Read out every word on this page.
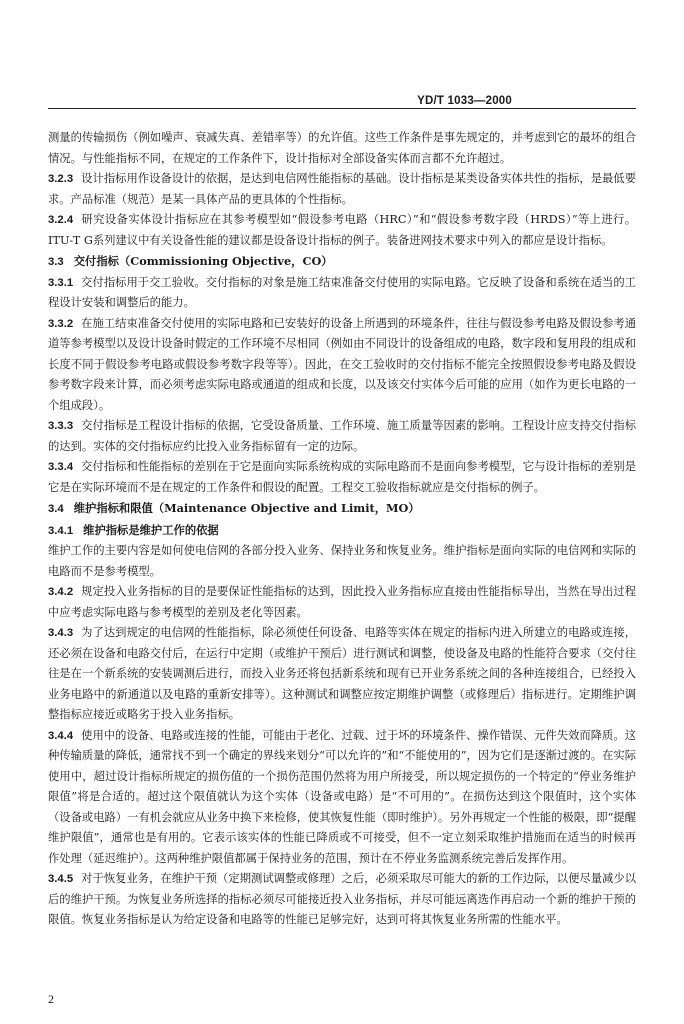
YD/T 1033—2000

测量的传输损伤（例如噪声、衰减失真、差错率等）的允许值。这些工作条件是事先规定的，并考虑到它的最坏的组合情况。与性能指标不同，在规定的工作条件下，设计指标对全部设备实体而言都不允许超过。

3.2.3 设计指标用作设备设计的依据，是达到电信网性能指标的基础。设计指标是某类设备实体共性的指标，是最低要求。产品标准（规范）是某一具体产品的更具体的个性指标。

3.2.4 研究设备实体设计指标应在其参考模型如“假设参考电路（HRC）”和“假设参考数字段（HRDS）”等上进行。ITU-T G系列建议中有关设备性能的建议都是设备设计指标的例子。装备进网技术要求中列入的都应是设计指标。

3.3 交付指标（Commissioning Objective，CO）

3.3.1 交付指标用于交工验收。交付指标的对象是施工结束准备交付使用的实际电路。它反映了设备和系统在适当的工程设计安装和调整后的能力。

3.3.2 在施工结束准备交付使用的实际电路和已安装好的设备上所遇到的环境条件，往往与假设参考电路及假设参考通道等参考模型以及设计设备时假定的工作环境不尽相同（例如由不同设计的设备组成的电路，数字段和复用段的组成和长度不同于假设参考电路或假设参考数字段等等）。因此，在交工验收时的交付指标不能完全按照假设参考电路及假设参考数字段来计算，而必须考虑实际电路或通道的组成和长度，以及该交付实体今后可能的应用（如作为更长电路的一个组成段）。

3.3.3 交付指标是工程设计指标的依据，它受设备质量、工作环境、施工质量等因素的影响。工程设计应支持交付指标的达到。实体的交付指标应约比投入业务指标留有一定的边际。

3.3.4 交付指标和性能指标的差别在于它是面向实际系统构成的实际电路而不是面向参考模型，它与设计指标的差别是它是在实际环境而不是在规定的工作条件和假设的配置。工程交工验收指标就应是交付指标的例子。

3.4 维护指标和限值（Maintenance Objective and Limit，MO）

3.4.1 维护指标是维护工作的依据

维护工作的主要内容是如何使电信网的各部分投入业务、保持业务和恢复业务。维护指标是面向实际的电信网和实际的电路而不是参考模型。

3.4.2 规定投入业务指标的目的是要保证性能指标的达到，因此投入业务指标应直接由性能指标导出，当然在导出过程中应考虑实际电路与参考模型的差别及老化等因素。

3.4.3 为了达到规定的电信网的性能指标，除必须使任何设备、电路等实体在规定的指标内进入所建立的电路或连接，还必须在设备和电路交付后，在运行中定期（或维护干预后）进行测试和调整，使设备及电路的性能符合要求（交付往往是在一个新系统的安装调测后进行，而投入业务还将包括新系统和现有已开业务系统之间的各种连接组合，已经投入业务电路中的新通道以及电路的重新安排等）。这种测试和调整应按定期维护调整（或修理后）指标进行。定期维护调整指标应接近或略劣于投入业务指标。

3.4.4 使用中的设备、电路或连接的性能，可能由于老化、过载、过于坏的环境条件、操作错误、元件失效而降质。这种传输质量的降低，通常找不到一个确定的界线来划分“可以允许的”和“不能使用的”，因为它们是逐渐过渡的。在实际使用中，超过设计指标所规定的损伤值的一个损伤范围仍然将为用户所接受，所以规定损伤的一个特定的“停业务维护限值”将是合适的。超过这个限值就认为这个实体（设备或电路）是“不可用的”。在损伤达到这个限值时，这个实体（设备或电路）一有机会就应从业务中换下来检修，使其恢复性能（即时维护）。另外再规定一个性能的极限，即“提醒维护限值”，通常也是有用的。它表示该实体的性能已降质或不可接受，但不一定立刻采取维护措施而在适当的时候再作处理（延迟维护）。这两种维护限值都属于保持业务的范围，预计在不停业务监测系统完善后发挥作用。

3.4.5 对于恢复业务，在维护干预（定期测试调整或修理）之后，必须采取尽可能大的新的工作边际，以便尽量减少以后的维护干预。为恢复业务所选择的指标必须尽可能接近投入业务指标，并尽可能远离选作再启动一个新的维护干预的限值。恢复业务指标是认为给定设备和电路等的性能已足够完好，达到可将其恢复业务所需的性能水平。

2
